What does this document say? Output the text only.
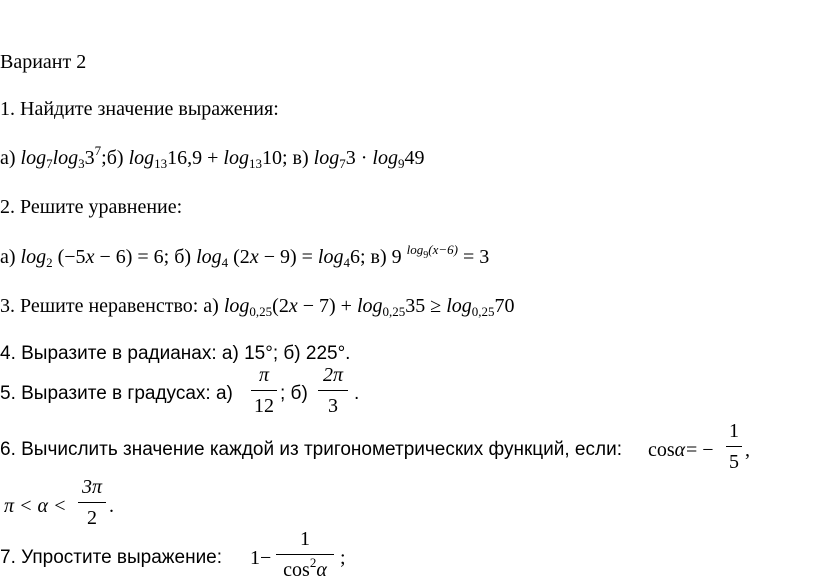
Вариант 2
1. Найдите значение выражения:
а) $\log_7\log_33^7;б$) $\log_{13}16,9 + \log_{13}10$; в) $\log_73 \cdot \log_949$
2. Решите уравнение:
а) $\log_2 (-5x - 6) = 6$; б) $\log_4 (2x - 9) = \log_46$; в) 9 $^{log_9(x-6)}$ = 3
3. Решите неравенство: а) $\log_{0,25}(2x - 7) + \log_{0,25}35 \ge \log_{0,25}70$
4. Выразите в радианах: а) 15°; б) 225°.
5. Выразите в градусах: а)
π
12
; б)
2π
3
.
6. Вычислить значение каждой из тригонометрических функций, если: cosα = −
1
5
,
π < α <
3π
2
.
7. Упростите выражение: 1−
1
$\cos^2\alpha$
;
